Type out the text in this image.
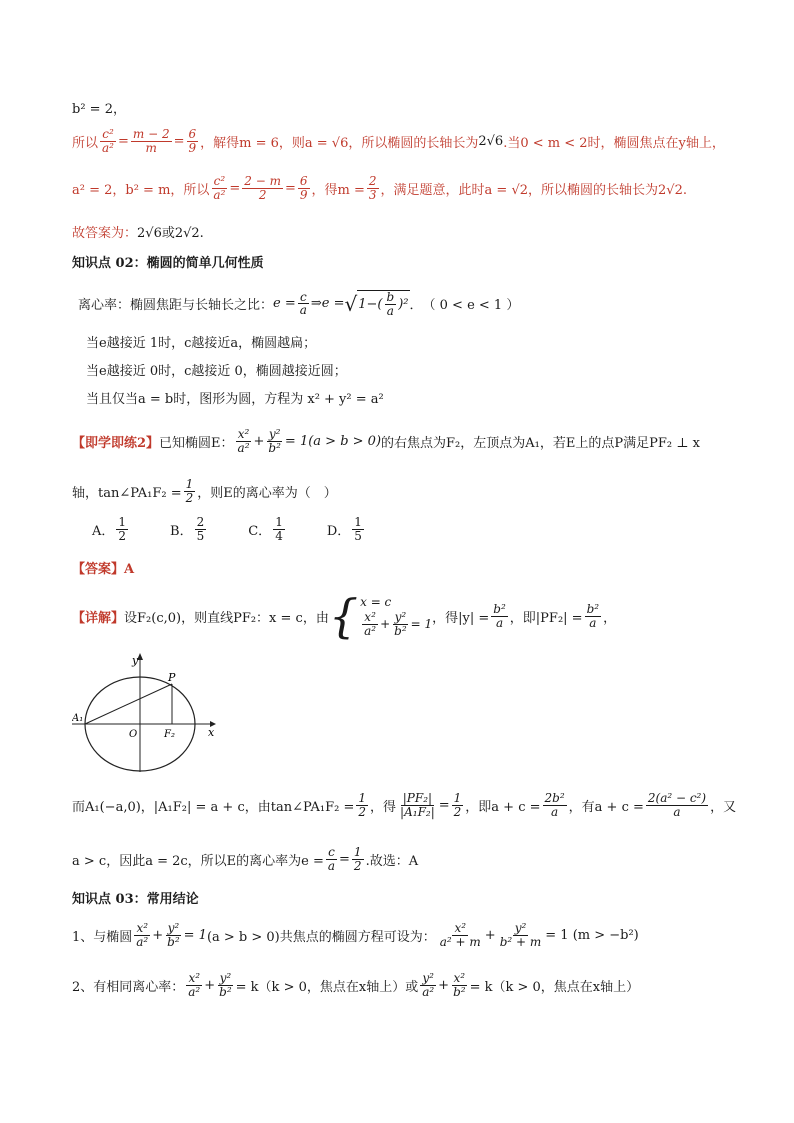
b² = 2，
所以 $\frac{\text{c²}}{\text{a²}} = \frac{m - 2}{m} = \frac{6}{9}$ ，解得m = 6，则a = √6，所以椭圆的长轴长为 2√6 .当0 < m < 2时，椭圆焦点在y轴上，
a² = 2，b² = m，所以 $\frac{\text{c²}}{\text{a²}} = \frac{2 - m}{2} = \frac{6}{9}$ ，得$m = \frac{2}{3}$ ，满足题意，此时a = √2，所以椭圆的长轴长为2√2.
故答案为： 2√6或2√2.
知识点 02：椭圆的简单几何性质
离心率：椭圆焦距与长轴长之比： $e = \frac{c}{a}$ ⇒ e = √ $1-( \frac{b}{a} )^2$ ． （ 0 < e < 1 ）
当e越接近 1时，c越接近a，椭圆越扁；
当e越接近 0时，c越接近 0，椭圆越接近圆；
当且仅当a = b时，图形为圆，方程为 x² + y² = a²
【即学即练2】 已知椭圆E： $\frac{\text{x²}}{\text{a²}} + \frac{\text{y²}}{\text{b²}} = 1(a > b > 0)$ 的右焦点为F₂，左顶点为A₁，若E上的点P满足PF₂ ⊥ x
轴，tan∠PA₁F₂ = $\frac{1}{2}$ ，则E的离心率为（　）
A． $\frac{1}{2}$	B． $\frac{2}{5}$	C． $\frac{1}{4}$	D． $\frac{1}{5}$
【答案】A
【详解】 设F₂(c,0)，则直线PF₂：x = c，由 { x = c
$\frac{\text{x²}}{\text{a²}} + \frac{\text{y²}}{\text{b²}} = 1$ ，得$|y| = \frac{\text{b²}}{a}$ ，即$|PF_2| = \frac{\text{b²}}{a}$ ，
y
x
P
A₁
O	F₂
而A₁(−a,0)，|A₁F₂| = a + c，由tan∠PA₁F₂ = $\frac{1}{2}$ ，得 $\frac{\text{|PF₂|}}{\text{|A₁F₂|}} = \frac{1}{2}$ ，即$a + c = \frac{\text{2b²}}{a}$ ，有$a + c = \frac{\text{2(a² − c²)}}{a}$ ，又
a > c，因此a = 2c，所以E的离心率为$e = \frac{c}{a} = \frac{1}{2}$ .故选：A
知识点 03：常用结论
1、与椭圆 $\frac{\text{x²}}{\text{a²}} + \frac{\text{y²}}{\text{b²}} = 1$ (a > b > 0)共焦点的椭圆方程可设为： $\frac{\text{x²}}{\text{a² + m}} + \frac{\text{y²}}{\text{b² + m}} = 1$ (m > −b²)
2、有相同离心率： $\frac{\text{x²}}{\text{a²}} + \frac{\text{y²}}{\text{b²}} = k(k > 0$，焦点在x轴上）或 $\frac{\text{y²}}{\text{a²}} + \frac{\text{x²}}{\text{b²}} = k(k > 0$，焦点在x轴上）
